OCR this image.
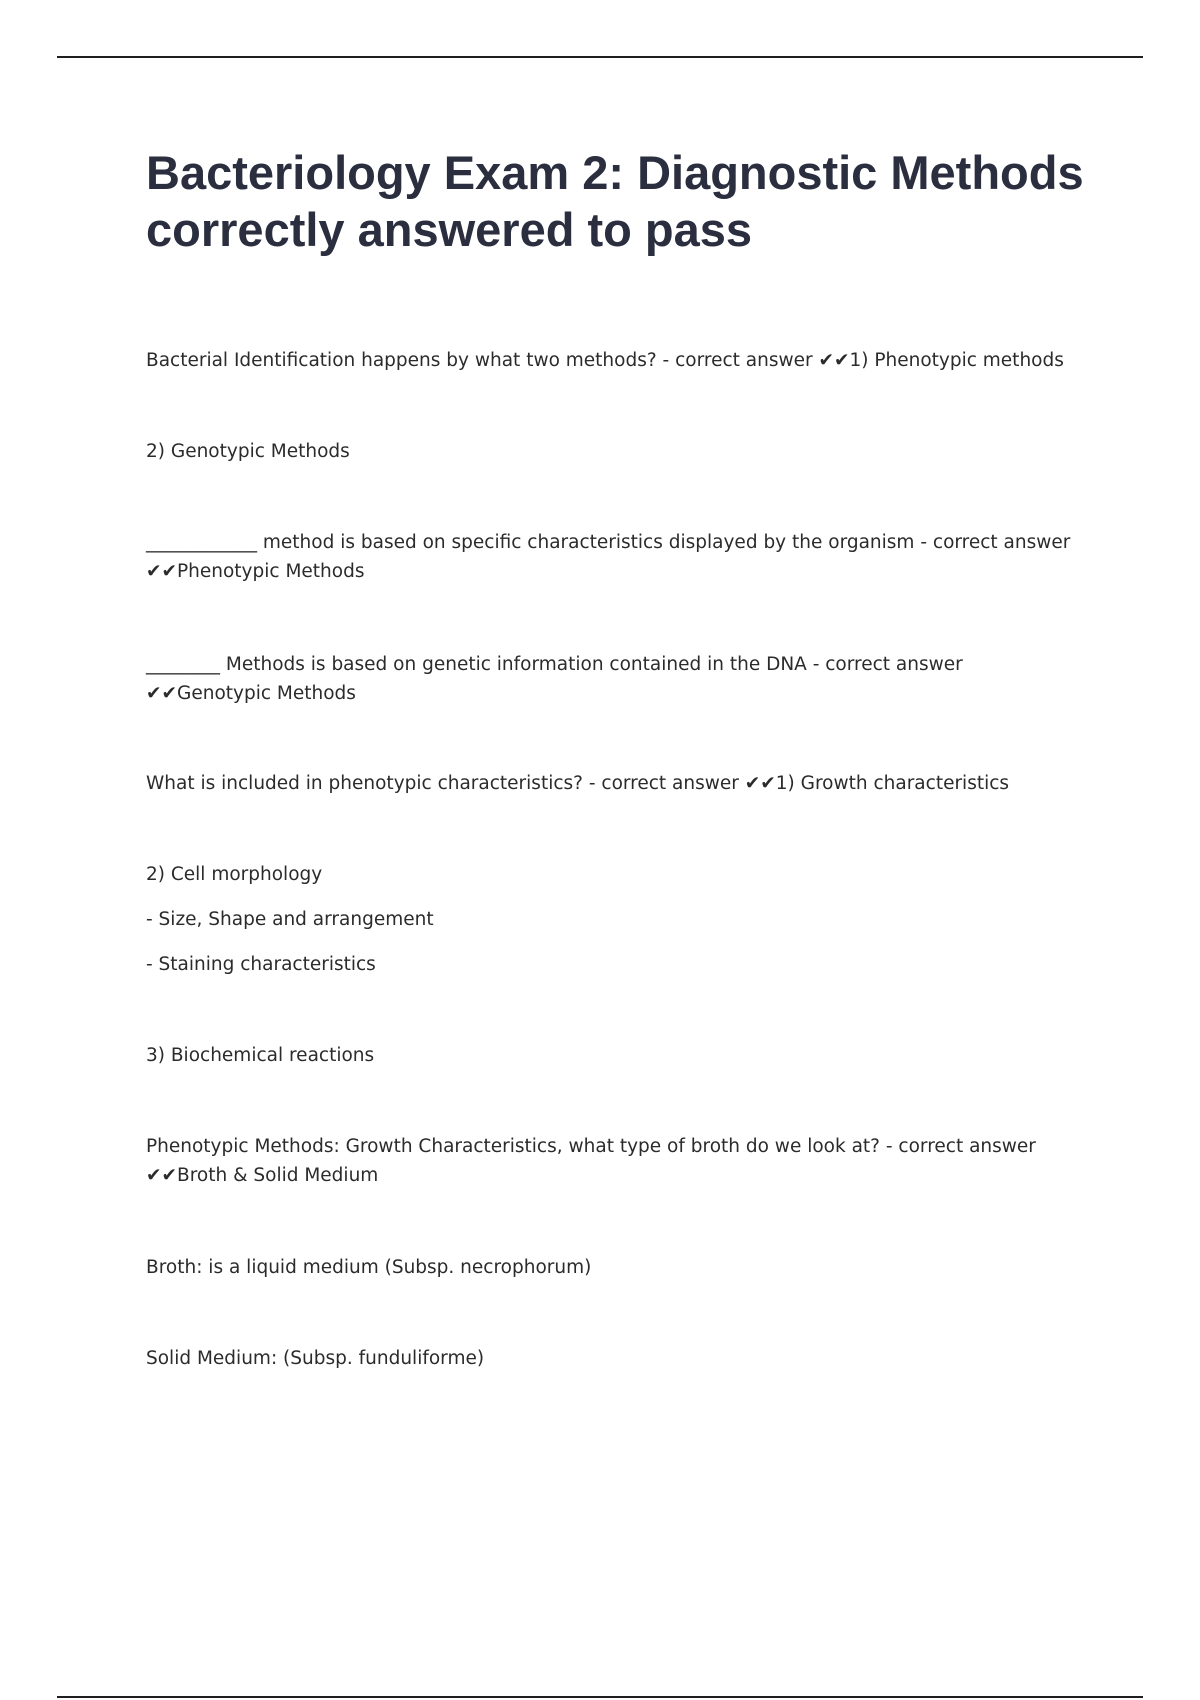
Bacteriology Exam 2: Diagnostic Methods correctly answered to pass

Bacterial Identification happens by what two methods? - correct answer ✔✔1) Phenotypic methods

2) Genotypic Methods

____________ method is based on specific characteristics displayed by the organism - correct answer ✔✔Phenotypic Methods

________ Methods is based on genetic information contained in the DNA - correct answer ✔✔Genotypic Methods

What is included in phenotypic characteristics? - correct answer ✔✔1) Growth characteristics

2) Cell morphology

- Size, Shape and arrangement

- Staining characteristics

3) Biochemical reactions

Phenotypic Methods: Growth Characteristics, what type of broth do we look at? - correct answer ✔✔Broth & Solid Medium

Broth: is a liquid medium (Subsp. necrophorum)

Solid Medium: (Subsp. funduliforme)
